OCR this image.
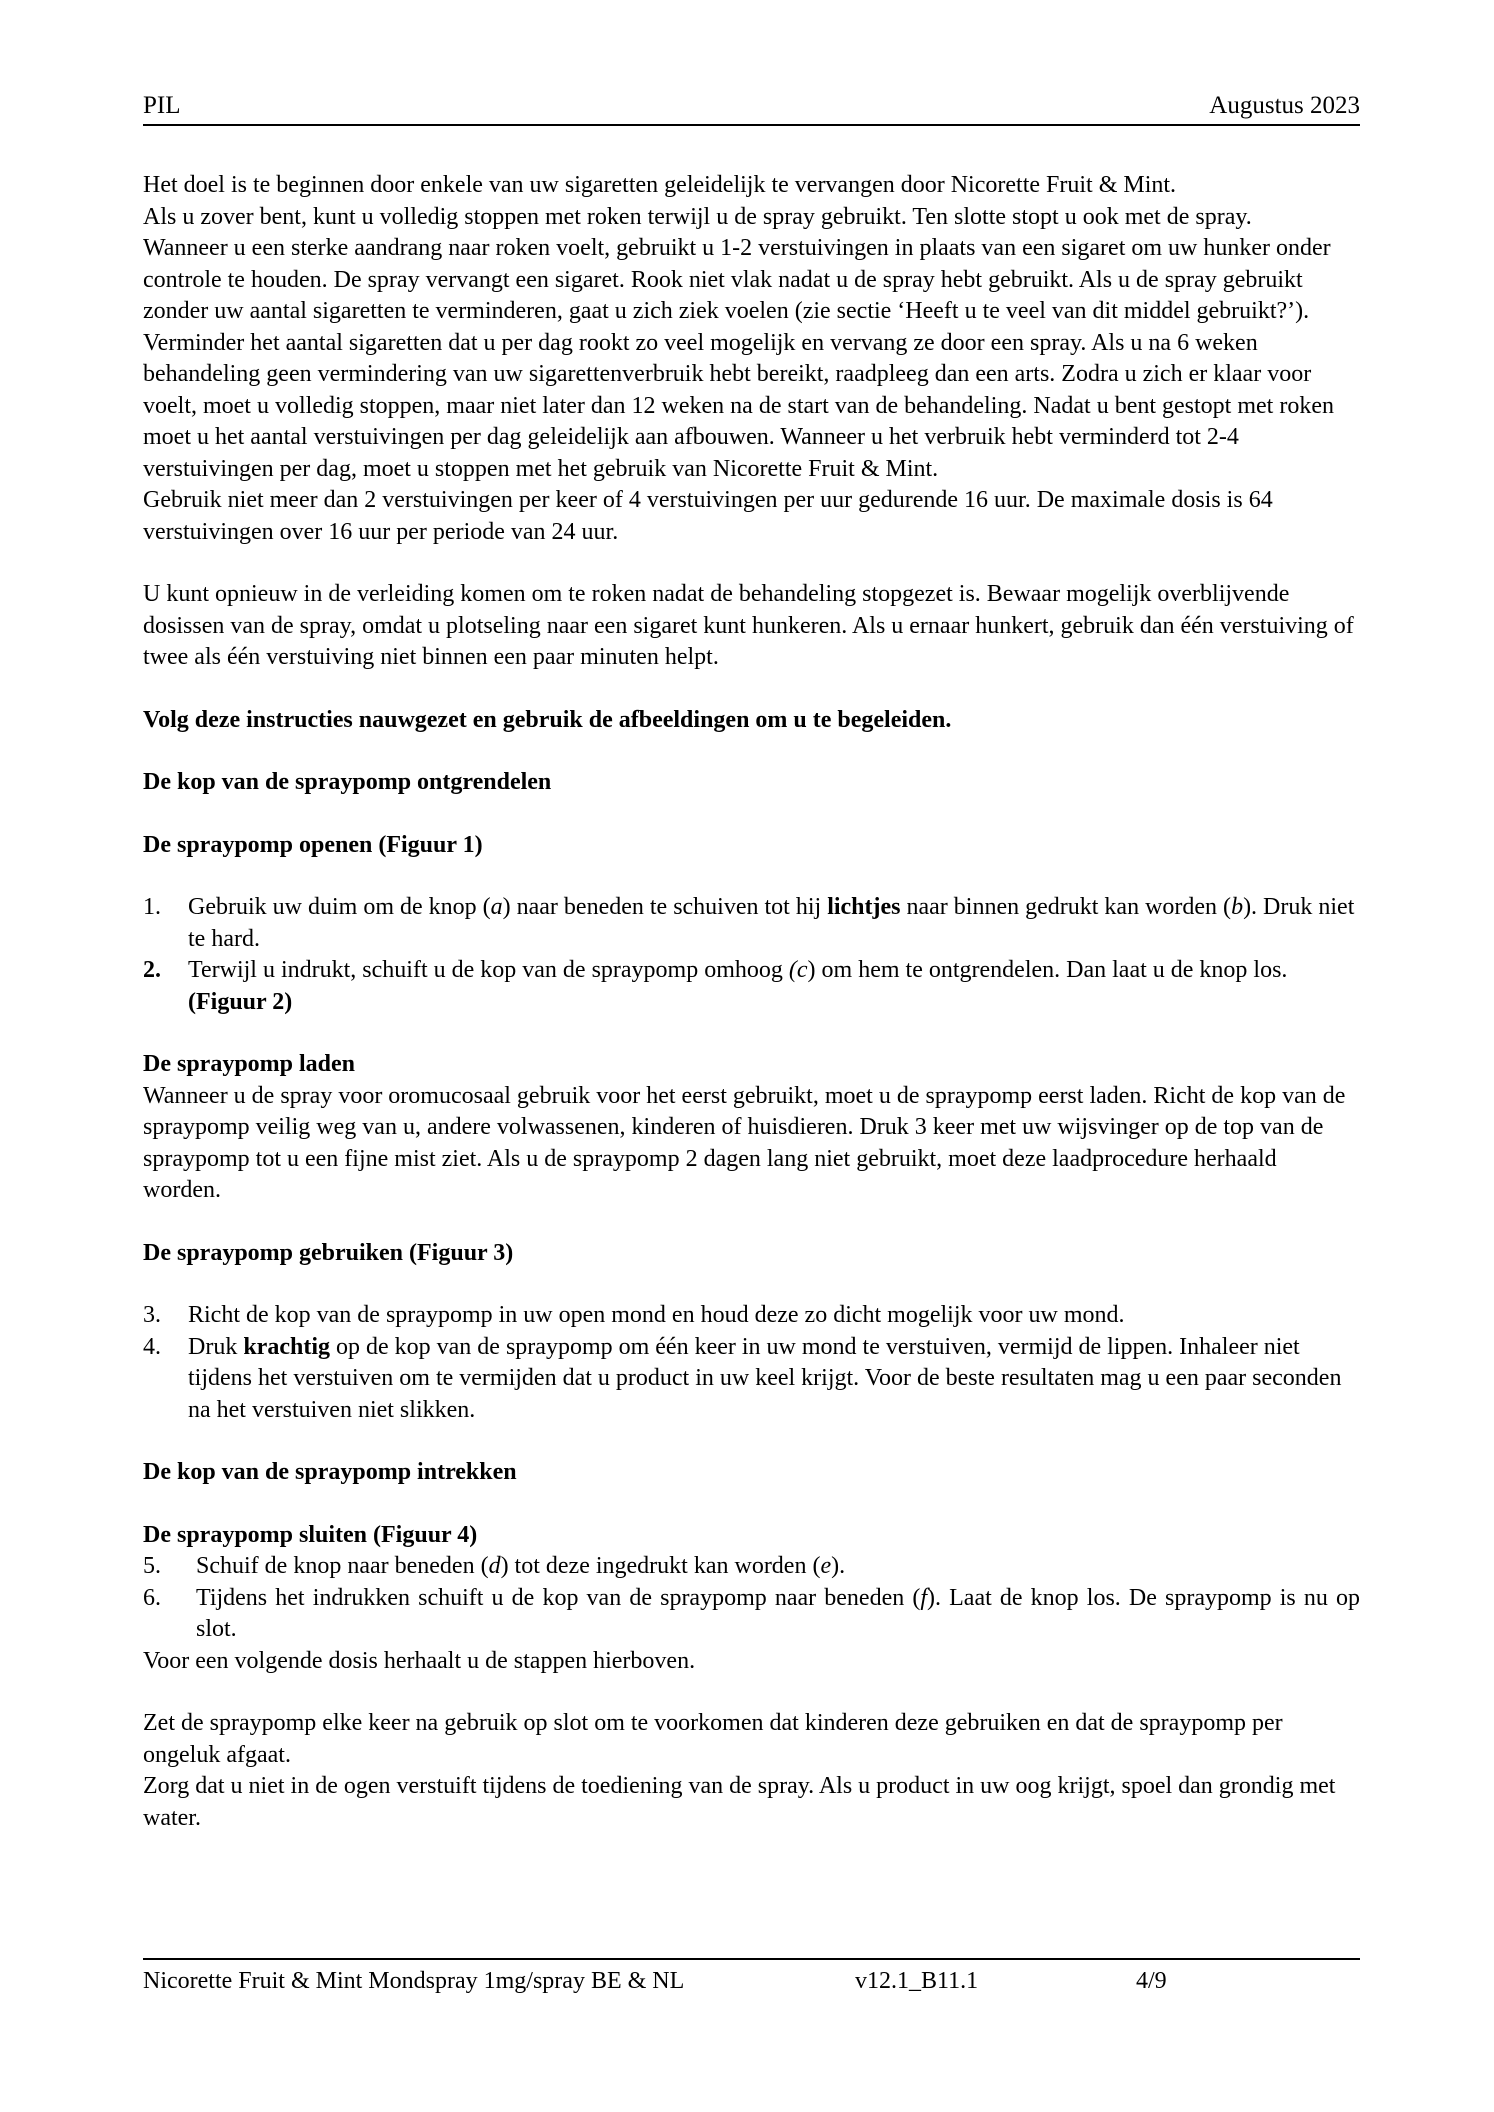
PIL	Augustus 2023

Het doel is te beginnen door enkele van uw sigaretten geleidelijk te vervangen door Nicorette Fruit & Mint.
Als u zover bent, kunt u volledig stoppen met roken terwijl u de spray gebruikt. Ten slotte stopt u ook met de spray.

Wanneer u een sterke aandrang naar roken voelt, gebruikt u 1-2 verstuivingen in plaats van een sigaret om uw hunker onder controle te houden. De spray vervangt een sigaret. Rook niet vlak nadat u de spray hebt gebruikt. Als u de spray gebruikt zonder uw aantal sigaretten te verminderen, gaat u zich ziek voelen (zie sectie ‘Heeft u te veel van dit middel gebruikt?’). Verminder het aantal sigaretten dat u per dag rookt zo veel mogelijk en vervang ze door een spray. Als u na 6 weken behandeling geen vermindering van uw sigarettenverbruik hebt bereikt, raadpleeg dan een arts. Zodra u zich er klaar voor voelt, moet u volledig stoppen, maar niet later dan 12 weken na de start van de behandeling. Nadat u bent gestopt met roken moet u het aantal verstuivingen per dag geleidelijk aan afbouwen. Wanneer u het verbruik hebt verminderd tot 2-4 verstuivingen per dag, moet u stoppen met het gebruik van Nicorette Fruit & Mint.

Gebruik niet meer dan 2 verstuivingen per keer of 4 verstuivingen per uur gedurende 16 uur. De maximale dosis is 64 verstuivingen over 16 uur per periode van 24 uur.

U kunt opnieuw in de verleiding komen om te roken nadat de behandeling stopgezet is. Bewaar mogelijk overblijvende dosissen van de spray, omdat u plotseling naar een sigaret kunt hunkeren. Als u ernaar hunkert, gebruik dan één verstuiving of twee als één verstuiving niet binnen een paar minuten helpt.

Volg deze instructies nauwgezet en gebruik de afbeeldingen om u te begeleiden.

De kop van de spraypomp ontgrendelen

De spraypomp openen (Figuur 1)

1.	Gebruik uw duim om de knop (a) naar beneden te schuiven tot hij lichtjes naar binnen gedrukt kan worden (b). Druk niet te hard.
2.	Terwijl u indrukt, schuift u de kop van de spraypomp omhoog (c) om hem te ontgrendelen. Dan laat u de knop los. (Figuur 2)

De spraypomp laden

Wanneer u de spray voor oromucosaal gebruik voor het eerst gebruikt, moet u de spraypomp eerst laden. Richt de kop van de spraypomp veilig weg van u, andere volwassenen, kinderen of huisdieren. Druk 3 keer met uw wijsvinger op de top van de spraypomp tot u een fijne mist ziet. Als u de spraypomp 2 dagen lang niet gebruikt, moet deze laadprocedure herhaald worden.

De spraypomp gebruiken (Figuur 3)

3.	Richt de kop van de spraypomp in uw open mond en houd deze zo dicht mogelijk voor uw mond.
4.	Druk krachtig op de kop van de spraypomp om één keer in uw mond te verstuiven, vermijd de lippen. Inhaleer niet tijdens het verstuiven om te vermijden dat u product in uw keel krijgt. Voor de beste resultaten mag u een paar seconden na het verstuiven niet slikken.

De kop van de spraypomp intrekken

De spraypomp sluiten (Figuur 4)

5.	Schuif de knop naar beneden (d) tot deze ingedrukt kan worden (e).
6.	Tijdens het indrukken schuift u de kop van de spraypomp naar beneden (f). Laat de knop los. De spraypomp is nu op slot.

Voor een volgende dosis herhaalt u de stappen hierboven.

Zet de spraypomp elke keer na gebruik op slot om te voorkomen dat kinderen deze gebruiken en dat de spraypomp per ongeluk afgaat.

Zorg dat u niet in de ogen verstuift tijdens de toediening van de spray. Als u product in uw oog krijgt, spoel dan grondig met water.

Nicorette Fruit & Mint Mondspray 1mg/spray BE & NL	v12.1_B11.1	4/9
